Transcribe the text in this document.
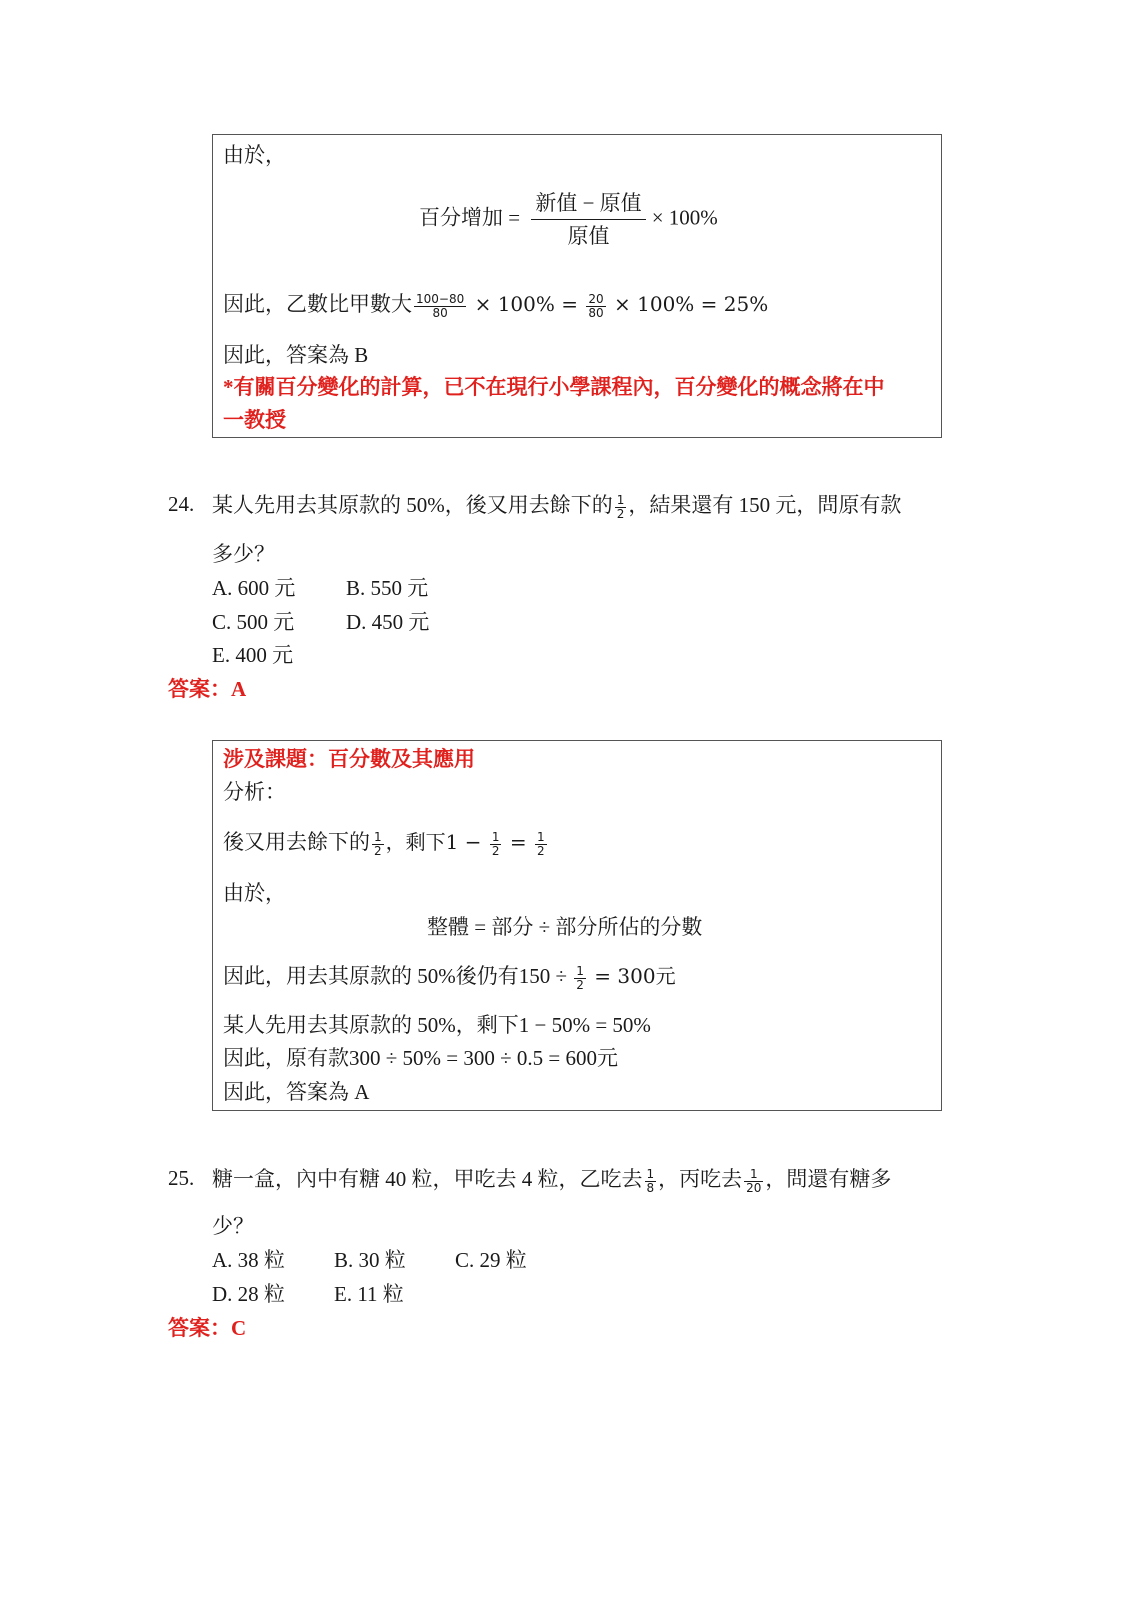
由於，
百分增加 = $\frac{\text{新值 − 原值}}{\text{原值}} \times 100\%$
因此，乙數比甲數大 $\frac{100-80}{80} \times 100\% = \frac{20}{80} \times 100\% = 25\%$
因此，答案為 B
*有關百分變化的計算，已不在現行小學課程內，百分變化的概念將在中
一教授
24. 某人先用去其原款的 50%，後又用去餘下的 $\frac{1}{2}$ ，結果還有 150 元，問原有款
多少？
A. 600 元 B. 550 元
C. 500 元 D. 450 元
E. 400 元
答案：A
涉及課題：百分數及其應用
分析：
後又用去餘下的 $\frac{1}{2}$ ，剩下$1 - \frac{1}{2} = \frac{1}{2}$
由於，
整體 = 部分 ÷ 部分所佔的分數
因此，用去其原款的 50%後仍有$150 \div \frac{1}{2} = 300$元
某人先用去其原款的 50%，剩下1 − 50% = 50%
因此，原有款300 ÷ 50% = 300 ÷ 0.5 = 600元
因此，答案為 A
25. 糖一盒，內中有糖 40 粒，甲吃去 4 粒，乙吃去 $\frac{1}{8}$ ，丙吃去 $\frac{1}{20}$ ，問還有糖多
少？
A. 38 粒 B. 30 粒 C. 29 粒
D. 28 粒 E. 11 粒
答案：C
